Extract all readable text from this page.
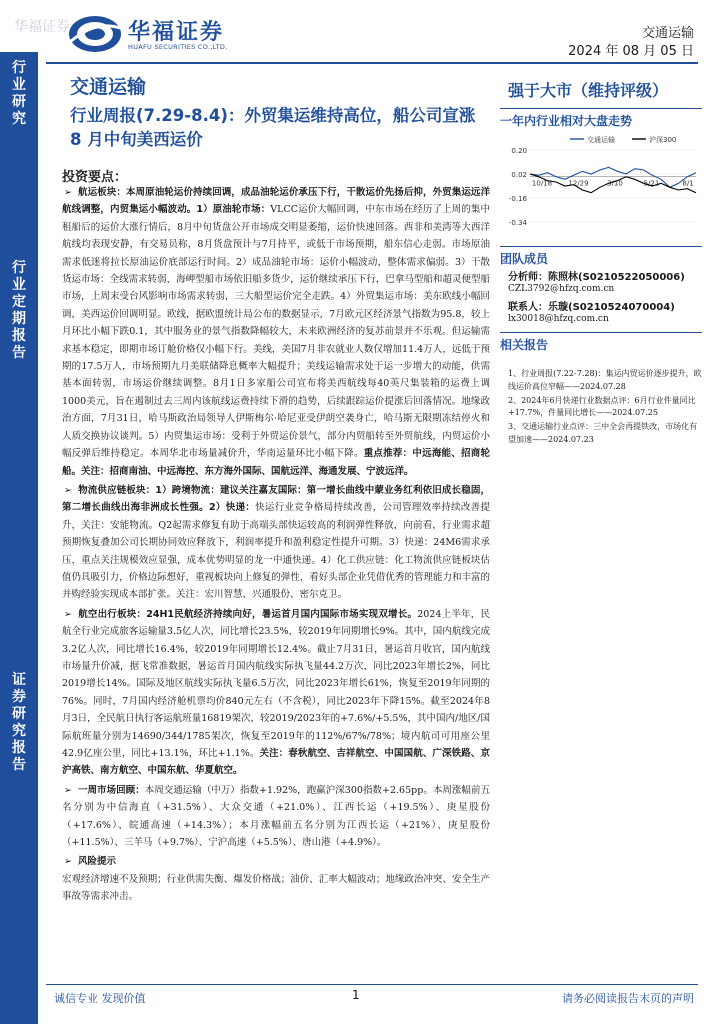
华福证券	华福证券
HUAFU SECURITIES CO.,LTD.
交通运输
2024 年 08 月 05 日
行业研究
行业定期报告
证券研究报告
交通运输
行业周报(7.29-8.4)：外贸集运维持高位，船公司宣涨 8 月中旬美西运价
投资要点：

➢ 航运板块：本周原油轮运价持续回调，成品油轮运价承压下行，干散运价先扬后抑，外贸集运远洋航线调整，内贸集运小幅波动。1）原油轮市场：VLCC运价大幅回调，中东市场在经历了上周的集中租船后的运价大涨行情后，8月中旬货盘公开市场成交明显萎缩，运价快速回落。西非和美湾等大西洋航线均表现安静，有交易员称，8月货盘预计与7月持平，或低于市场预期，船东信心走弱。市场原油需求低迷将拉长原油运价底部运行时间。2）成品油轮市场：运价小幅波动，整体需求偏弱。3）干散货运市场：全线需求转弱，海岬型船市场依旧船多货少，运价继续承压下行，巴拿马型船和超灵便型船市场，上周末受台风影响市场需求转弱，三大船型运价完全走跌。4）外贸集运市场：美东欧线小幅回调，美西运价回调明显。欧线，据欧盟统计局公布的数据显示，7月欧元区经济景气指数为95.8，较上月环比小幅下跌0.1，其中服务业的景气指数降幅较大，未来欧洲经济的复苏前景并不乐观。但运输需求基本稳定，即期市场订舱价格仅小幅下行。美线，美国7月非农就业人数仅增加11.4万人，远低于预期的17.5万人，市场预期九月美联储降息概率大幅提升；美线运输需求处于运一步增大的动能，供需基本面转弱，市场运价继续调整。8月1日多家船公司宣布将美西航线每40英尺集装箱的运费上调1000美元，旨在遏制过去三周内该航线运费持续下滑的趋势，后续跟踪运价提涨后回落情况。地缘政治方面，7月31日，哈马斯政治局领导人伊斯梅尔·哈尼亚受伊朗空袭身亡，哈马斯无限期冻结停火和人质交换协议谈判。5）内贸集运市场：受利于外贸运价景气，部分内贸船转至外贸航线，内贸运价小幅反弹后维持稳定。本周华北市场量减价升，华南运量环比小幅下降。重点推荐：中远海能、招商轮船。关注：招商南油、中远海控、东方海外国际、国航远洋、海通发展、宁波远洋。

➢ 物流供应链板块：1）跨境物流：建议关注嘉友国际：第一增长曲线中蒙业务红利依旧成长稳固，第二增长曲线出海非洲成长性强。2）快递：快运行业竞争格局持续改善，公司管理效率持续改善提升，关注：安能物流。Q2起需求修复有助于高端头部快运较高的利润弹性释放，向前看，行业需求超预期恢复叠加公司长期协同效应释放下，利润率提升和盈利稳定性提升可期。3）快递：24M6需求承压，重点关注规模效应显强，成本优势明显的龙一中通快递。4）化工供应链：化工物流供应链板块估值仍具吸引力，价格边际想好，重视板块向上修复的弹性，看好头部企业凭借优秀的管理能力和丰富的并购经验实现成本部扩张。关注：宏川智慧、兴通股份、密尔克卫。

➢ 航空出行板块：24H1民航经济持续向好，暑运首月国内国际市场实现双增长。2024上半年，民航全行业完成旅客运输量3.5亿人次，同比增长23.5%，较2019年同期增长9%。其中，国内航线完成3.2亿人次，同比增长16.4%，较2019年同期增长12.4%。截止7月31日，暑运首月收官，国内航线市场量升价减，据飞常准数据，暑运首月国内航线实际执飞量44.2万次，同比2023年增长2%，同比2019增长14%。国际及地区航线实际执飞量6.5万次，同比2023年增长61%，恢复至2019年同期的76%。同时，7月国内经济舱机票均价840元左右（不含税），同比2023年下降15%。截至2024年8月3日，全民航日执行客运航班量16819架次，较2019/2023年的+7.6%/+5.5%，其中国内/地区/国际航班量分别为14690/344/1785架次，恢复至2019年的112%/67%/78%；境内航司可用座公里42.9亿座公里，同比+13.1%，环比+1.1%。关注：春秋航空、吉祥航空、中国国航、广深铁路、京沪高铁、南方航空、中国东航、华夏航空。

➢ 一周市场回顾：本周交通运输（中万）指数+1.92%，跑赢沪深300指数+2.65pp。本周涨幅前五名分别为中信海直（+31.5%）、大众交通（+21.0%）、江西长运（+19.5%）、庚星股份（+17.6%）、皖通高速（+14.3%）；本月涨幅前五名分别为江西长运（+21%）、庚星股份（+11.5%）、三羊马（+9.7%）、宁沪高速（+5.5%）、唐山港（+4.9%）。

➢ 风险提示
宏观经济增速不及预期；行业供需失衡、爆发价格战；油价、汇率大幅波动；地缘政治冲突、安全生产事故等需求冲击。

强于大市（维持评级）
一年内行业相对大盘走势
0.20
0.02
-0.16
-0.34
10/18 12/29	3/10	5/21	8/1
交通运输	沪深300
团队成员
分析师：陈照林(S0210522050006)
CZL3792@hfzq.com.cn
联系人：乐璇(S0210524070004)
lx30018@hfzq.com.cn
相关报告
1、行业周报(7.22-7.28)：集运内贸运价逐步提升，欧线运价高位窄幅——2024.07.28
2、2024年6月快递行业数据点评：6月行业件量同比+17.7%，件量同比增长——2024.07.25
3、交通运输行业点评：三中全会再提铁改，市场化有望加速——2024.07.23
诚信专业 发现价值	1	请务必阅读报告末页的声明
